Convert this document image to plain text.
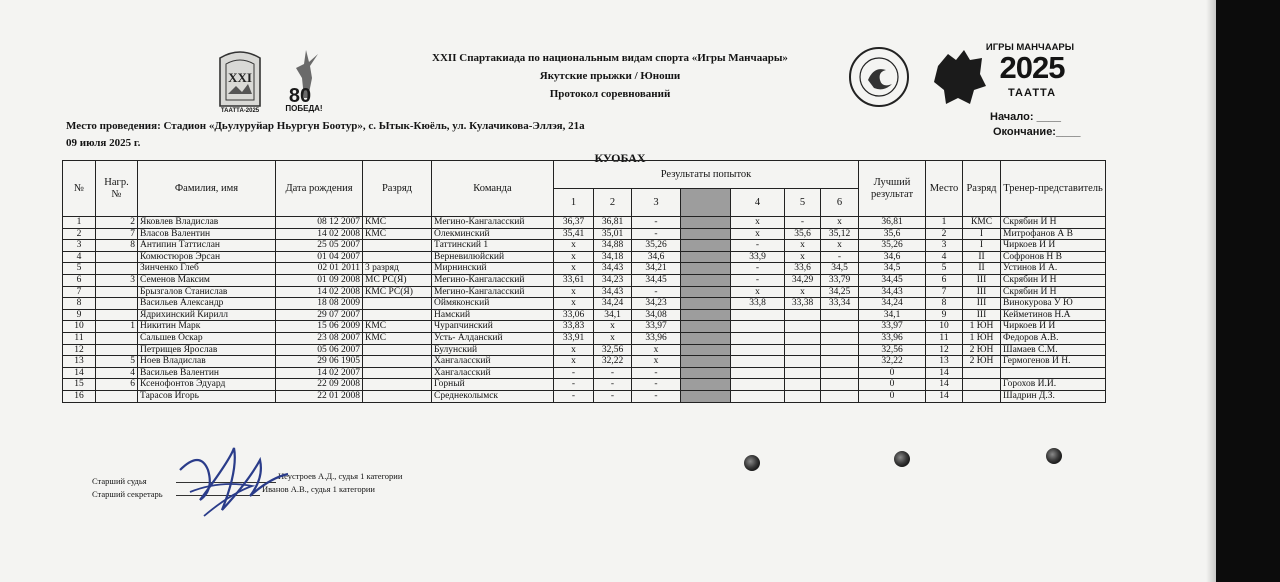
XXI
ТААТТА-2025
80
ПОБЕДА!
ИГРЫ МАНЧААРЫ
2025
ТААТТА
XXII Спартакиада по национальным видам спорта «Игры Манчаары»
Якутские прыжки / Юноши
Протокол соревнований
Место проведения: Стадион «Дьулуруйар Ньургун Боотур», с. Ытык-Кюёль, ул. Кулачикова-Эллэя, 21а
09 июля 2025 г.
Начало: ____
Окончание:____
КУОБАХ
№	Нагр. №	Фамилия, имя	Дата рождения	Разряд	Команда	Результаты попыток							Лучший результат	Место	Разряд	Тренер-представитель
						1	2	3		4	5	6				
1	2	Яковлев Владислав	08 12 2007	КМС	Мегино-Кангаласский	36,37	36,81	-		x	-	x	36,81	1	КМС	Скрябин И Н
2	7	Власов Валентин	14 02 2008	КМС	Олекминский	35,41	35,01	-		x	35,6	35,12	35,6	2	I	Митрофанов А В
3	8	Антипин Таттислан	25 05 2007		Таттинский 1	x	34,88	35,26		-	x	x	35,26	3	I	Чиркоев И И
4		Комюстюров Эрсан	01 04 2007		Верневилюйский	x	34,18	34,6		33,9	x	-	34,6	4	II	Софронов Н В
5		Зинченко Глеб	02 01 2011	3 разряд	Мирнинский	x	34,43	34,21		-	33,6	34,5	34,5	5	II	Устинов И А.
6	3	Семенов Максим	01 09 2008	МС РС(Я)	Мегино-Кангаласский	33,61	34,23	34,45		-	34,29	33,79	34,45	6	III	Скрябин И Н
7		Брызгалов Станислав	14 02 2008	КМС РС(Я)	Мегино-Кангаласский	x	34,43	-		x	x	34,25	34,43	7	III	Скрябин И Н
8		Васильев Александр	18 08 2009		Оймяконский	x	34,24	34,23		33,8	33,38	33,34	34,24	8	III	Винокурова У Ю
9		Ядрихинский Кирилл	29 07 2007		Намский	33,06	34,1	34,08					34,1	9	III	Кейметинов Н.А
10	1	Никитин Марк	15 06 2009	КМС	Чурапчинский	33,83	x	33,97					33,97	10	1 ЮН	Чиркоев И И
11		Сальшев Оскар	23 08 2007	КМС	Усть- Алданский	33,91	x	33,96					33,96	11	1 ЮН	Федоров А.В.
12		Петрищев Ярослав	05 06 2007		Булунский	x	32,56	x					32,56	12	2 ЮН	Шамаев С.М.
13	5	Ноев Владислав	29 06 1905		Хангаласский	x	32,22	x					32,22	13	2 ЮН	Гермогенов И Н.
14	4	Васильев Валентин	14 02 2007		Хангаласский	-	-	-					0	14		
15	6	Ксенофонтов Эдуард	22 09 2008		Горный	-	-	-					0	14		Горохов И.И.
16		Тарасов Игорь	22 01 2008		Среднеколымск	-	-	-					0	14		Шадрин Д.З.
Старший судья	Неустроев А.Д., судья 1 категории
Старший секретарь	Иванов А.В., судья 1 категории
